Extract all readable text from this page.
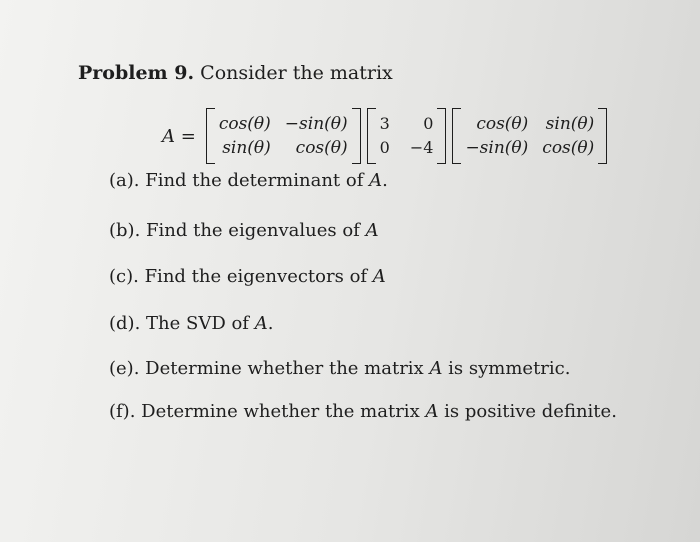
Problem 9. Consider the matrix
A =
cos(θ) −sin(θ)
sin(θ)	cos(θ)
3	0
0 −4
cos(θ) sin(θ)
−sin(θ) cos(θ)
(a). Find the determinant of A.
(b). Find the eigenvalues of A
(c). Find the eigenvectors of A
(d). The SVD of A.
(e). Determine whether the matrix A is symmetric.
(f). Determine whether the matrix A is positive definite.
